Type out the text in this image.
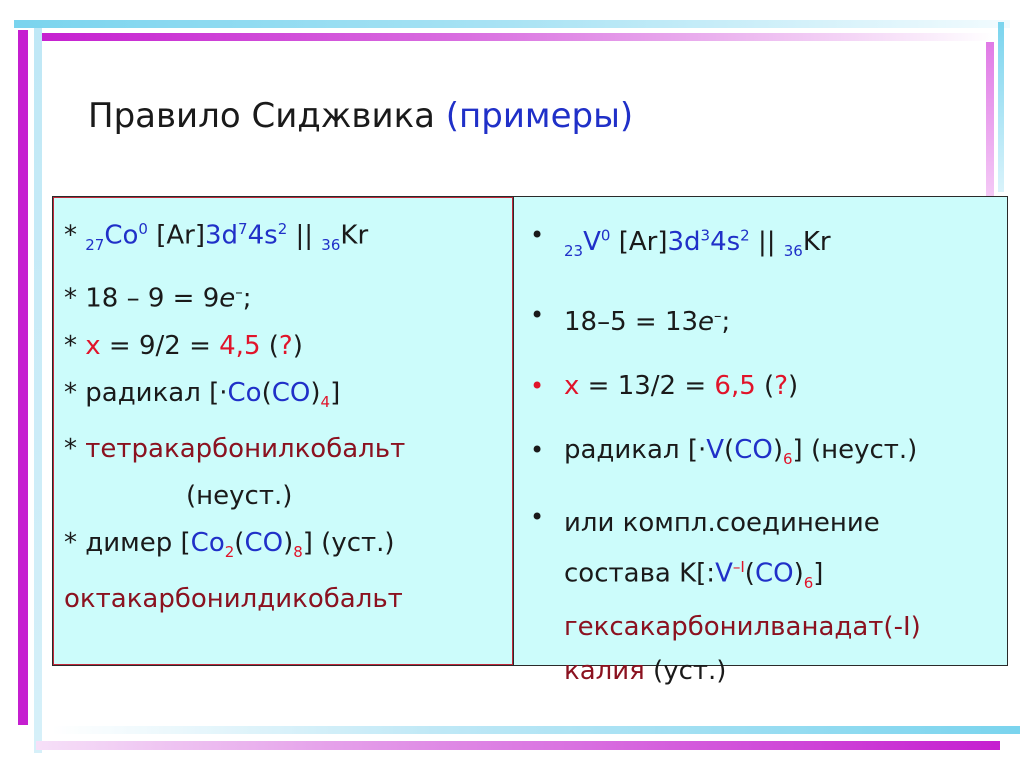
Правило Сиджвика (примеры)
* $_{27}Co^0$ $[Ar]3d^74s^2$ || $_{36}$Kr
* 18 – 9 = 9e–;
* x = 9/2 = 4,5 (?)
* радикал $[\cdot Co(CO)_4]$
* тетракарбонилкобальт
(неуст.)
* димер $[Co_2(CO)_8]$ (уст.)
октакарбонилдикобальт
•
$_{23}V^0$ $[Ar]3d^34s^2$ || $_{36}$Kr
• 18–5 = 13e–;
• x = 13/2 = 6,5 (?)
• радикал $[\cdot V(CO)_6]$ (неуст.)
• или компл.соединение
состава $K[:V^{-I}(CO)_6]$
гексакарбонилванадат(-I)
калия (уст.)
